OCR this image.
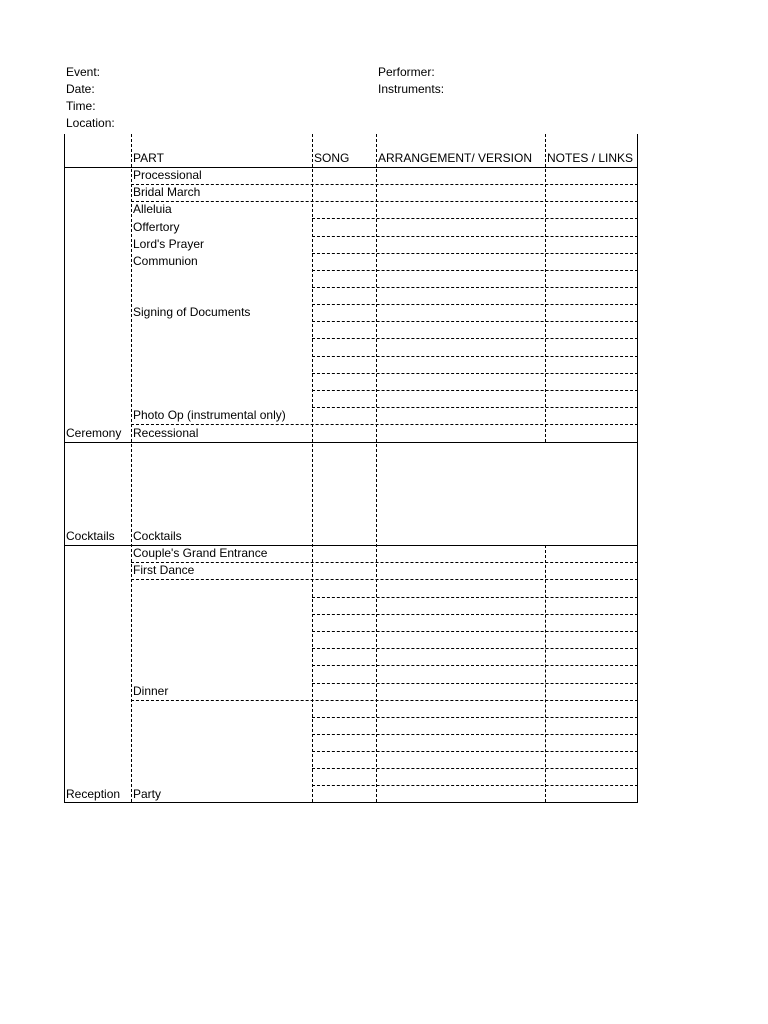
Event:
Date:
Time:
Location:
Performer:
Instruments:
PART	SONG ARRANGEMENT/ VERSION NOTES / LINKS
Ceremony
Cocktails
Reception
Processional
Bridal March
Alleluia
Offertory
Lord's Prayer
Communion
Signing of Documents
Photo Op (instrumental only)
Recessional
Cocktails
Couple's Grand Entrance
First Dance
Dinner
Party
